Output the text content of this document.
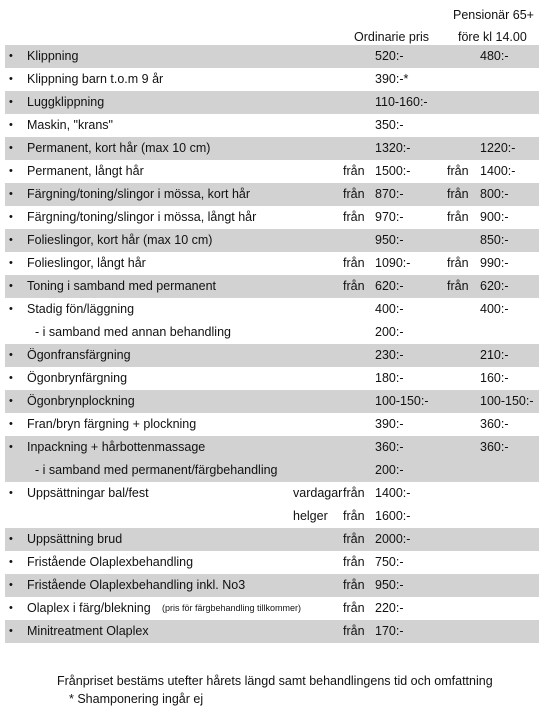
Pensionär 65+
Ordinarie pris före kl 14.00
• Klippning	520:-	480:-
• Klippning barn t.o.m 9 år	390:-*
• Luggklippning	110-160:-
• Maskin, "krans"	350:-
• Permanent, kort hår (max 10 cm)	1320:-	1220:-
• Permanent, långt hår	från 1500:-	från 1400:-
• Färgning/toning/slingor i mössa, kort hår	från 870:-	från 800:-
• Färgning/toning/slingor i mössa, långt hår	från 970:-	från 900:-
• Folieslingor, kort hår (max 10 cm)	950:-	850:-
• Folieslingor, långt hår	från 1090:-	från 990:-
• Toning i samband med permanent	från 620:-	från 620:-
• Stadig fön/läggning	400:-	400:-
- i samband med annan behandling	200:-
• Ögonfransfärgning	230:-	210:-
• Ögonbrynfärgning	180:-	160:-
• Ögonbrynplockning	100-150:-	100-150:-
• Fran/bryn färgning + plockning	390:-	360:-
• Inpackning + hårbottenmassage	360:-	360:-
- i samband med permanent/färgbehandling	200:-
• Uppsättningar bal/fest	vardagar från 1400:-
helger från 1600:-
• Uppsättning brud	från 2000:-
• Fristående Olaplexbehandling	från 750:-
• Fristående Olaplexbehandling inkl. No3	från 950:-
• Olaplex i färg/blekning (pris för färgbehandling tillkommer)	från 220:-
• Minitreatment Olaplex	från 170:-
Frånpriset bestäms utefter hårets längd samt behandlingens tid och omfattning
* Shamponering ingår ej
